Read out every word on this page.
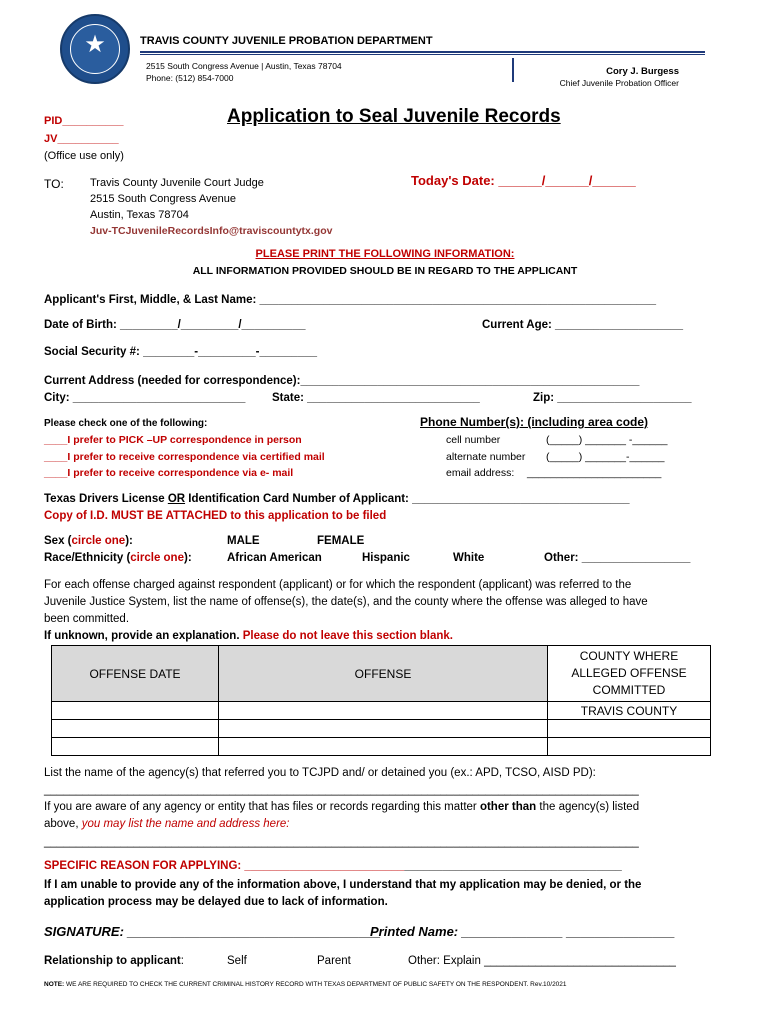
★	TRAVIS COUNTY JUVENILE PROBATION DEPARTMENT
2515 South Congress Avenue | Austin, Texas 78704
Phone: (512) 854-7000
Cory J. Burgess
Chief Juvenile Probation Officer
PID__________
JV__________
(Office use only)
Application to Seal Juvenile Records
TO: Travis County Juvenile Court Judge
2515 South Congress Avenue
Austin, Texas 78704
Juv-TCJuvenileRecordsInfo@traviscountytx.gov
Today's Date: ______/______/______
PLEASE PRINT THE FOLLOWING INFORMATION:
ALL INFORMATION PROVIDED SHOULD BE IN REGARD TO THE APPLICANT
Applicant's First, Middle, & Last Name: ______________________________________________________________
Date of Birth: _________/_________/__________	Current Age: ____________________
Social Security #: ________-_________-_________
Current Address (needed for correspondence):_____________________________________________________
City: ___________________________ State: ___________________________	Zip: _____________________
Please check one of the following:
____I prefer to PICK –UP correspondence in person
____I prefer to receive correspondence via certified mail
____I prefer to receive correspondence via e- mail
Phone Number(s): (including area code)
cell number	(_____) _______ -______
alternate number (_____) _______-______
email address: _______________________
Texas Drivers License OR Identification Card Number of Applicant: __________________________________
Copy of I.D. MUST BE ATTACHED to this application to be filed
Sex (circle one):	MALE	FEMALE
Race/Ethnicity (circle one):	African American	Hispanic	White	Other: _________________
For each offense charged against respondent (applicant) or for which the respondent (applicant) was referred to the
Juvenile Justice System, list the name of offense(s), the date(s), and the county where the offense was alleged to have
been committed.
If unknown, provide an explanation. Please do not leave this section blank.
OFFENSE DATE	OFFENSE	COUNTY WHERE
ALLEGED OFFENSE
COMMITTED
		TRAVIS COUNTY

List the name of the agency(s) that referred you to TCJPD and/ or detained you (ex.: APD, TCSO, AISD PD):
_____________________________________________________________________________________________
If you are aware of any agency or entity that has files or records regarding this matter other than the agency(s) listed
above, you may list the name and address here:
_____________________________________________________________________________________________
SPECIFIC REASON FOR APPLYING: ___________________________________________________________
If I am unable to provide any of the information above, I understand that my application may be denied, or the
application process may be delayed due to lack of information.
SIGNATURE: ___________________________________
Printed Name: ______________ _______________
Relationship to applicant:	Self	Parent	Other: Explain ______________________________
NOTE: WE ARE REQUIRED TO CHECK THE CURRENT CRIMINAL HISTORY RECORD WITH TEXAS DEPARTMENT OF PUBLIC SAFETY ON THE RESPONDENT. Rev.10/2021
